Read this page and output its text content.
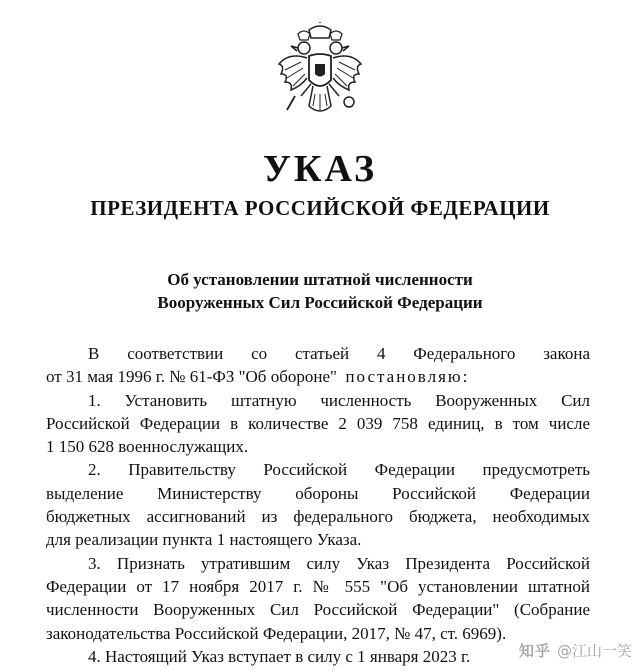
УКАЗ
ПРЕЗИДЕНТА РОССИЙСКОЙ ФЕДЕРАЦИИ
Об установлении штатной численности
Вооруженных Сил Российской Федерации
В соответствии со статьей 4 Федерального закона
от 31 мая 1996 г. № 61-ФЗ "Об обороне" постановляю:
1. Установить штатную численность Вооруженных Сил
Российской Федерации в количестве 2 039 758 единиц, в том числе
1 150 628 военнослужащих.
2. Правительству Российской Федерации предусмотреть
выделение Министерству обороны Российской Федерации
бюджетных ассигнований из федерального бюджета, необходимых
для реализации пункта 1 настоящего Указа.
3. Признать утратившим силу Указ Президента Российской
Федерации от 17 ноября 2017 г. № 555 "Об установлении штатной
численности Вооруженных Сил Российской Федерации" (Собрание
законодательства Российской Федерации, 2017, № 47, ст. 6969).
4. Настоящий Указ вступает в силу с 1 января 2023 г.	知乎 @江山一笑
